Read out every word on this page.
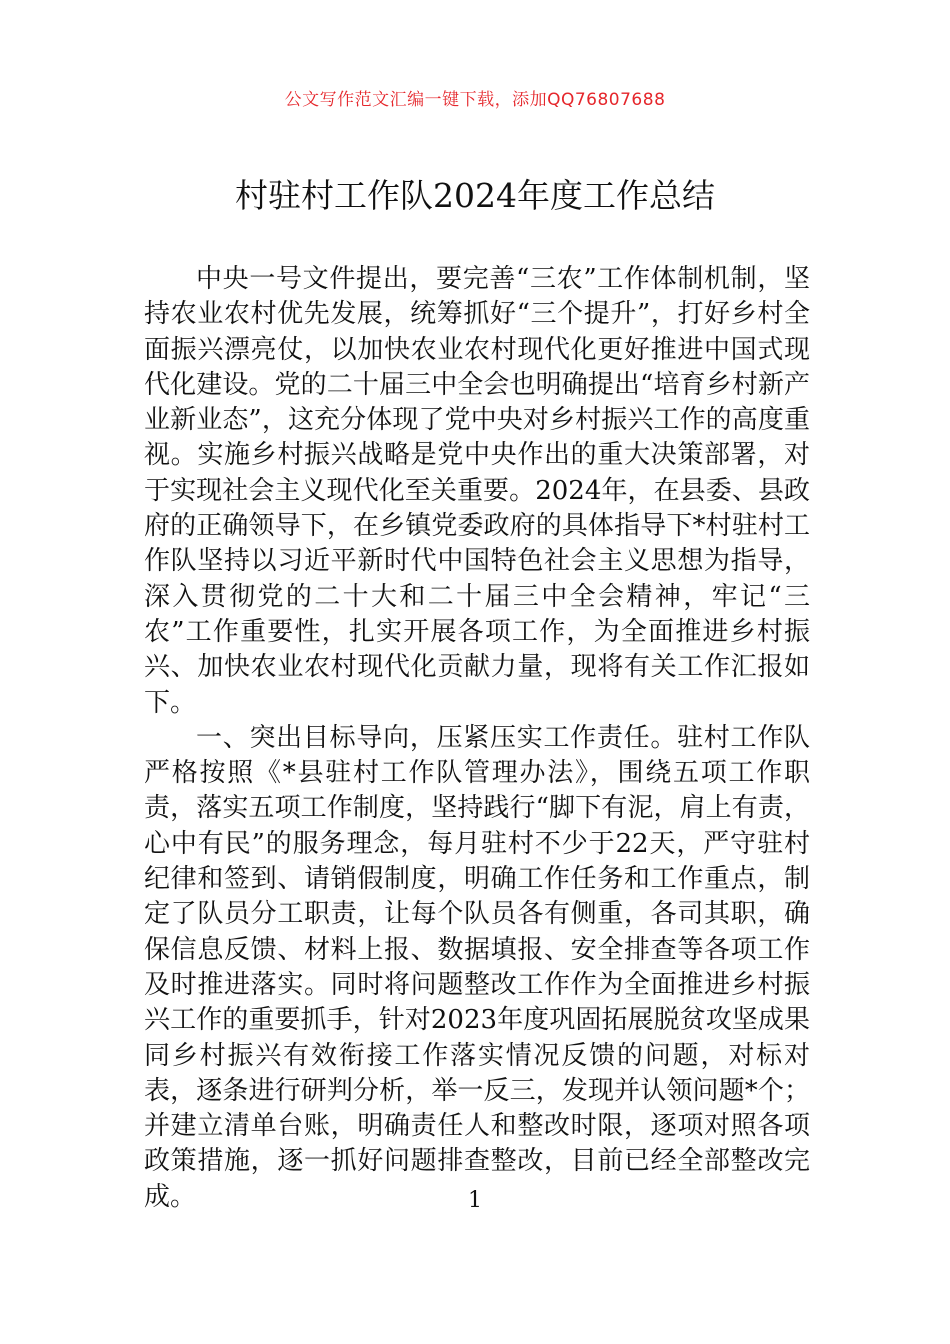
公文写作范文汇编一键下载，添加QQ76807688
村驻村工作队2024年度工作总结

中央一号文件提出，要完善“三农”工作体制机制，坚持农业农村优先发展，统筹抓好“三个提升”，打好乡村全面振兴漂亮仗，以加快农业农村现代化更好推进中国式现代化建设。党的二十届三中全会也明确提出“培育乡村新产业新业态”，这充分体现了党中央对乡村振兴工作的高度重视。实施乡村振兴战略是党中央作出的重大决策部署，对于实现社会主义现代化至关重要。2024年，在县委、县政府的正确领导下，在乡镇党委政府的具体指导下*村驻村工作队坚持以习近平新时代中国特色社会主义思想为指导，深入贯彻党的二十大和二十届三中全会精神，牢记“三农”工作重要性，扎实开展各项工作，为全面推进乡村振兴、加快农业农村现代化贡献力量，现将有关工作汇报如下。

一、突出目标导向，压紧压实工作责任。驻村工作队严格按照《*县驻村工作队管理办法》，围绕五项工作职责，落实五项工作制度，坚持践行“脚下有泥，肩上有责，心中有民”的服务理念，每月驻村不少于22天，严守驻村纪律和签到、请销假制度，明确工作任务和工作重点，制定了队员分工职责，让每个队员各有侧重，各司其职，确保信息反馈、材料上报、数据填报、安全排查等各项工作及时推进落实。同时将问题整改工作作为全面推进乡村振兴工作的重要抓手，针对2023年度巩固拓展脱贫攻坚成果同乡村振兴有效衔接工作落实情况反馈的问题，对标对表，逐条进行研判分析，举一反三，发现并认领问题*个；并建立清单台账，明确责任人和整改时限，逐项对照各项政策措施，逐一抓好问题排查整改，目前已经全部整改完成。	1
